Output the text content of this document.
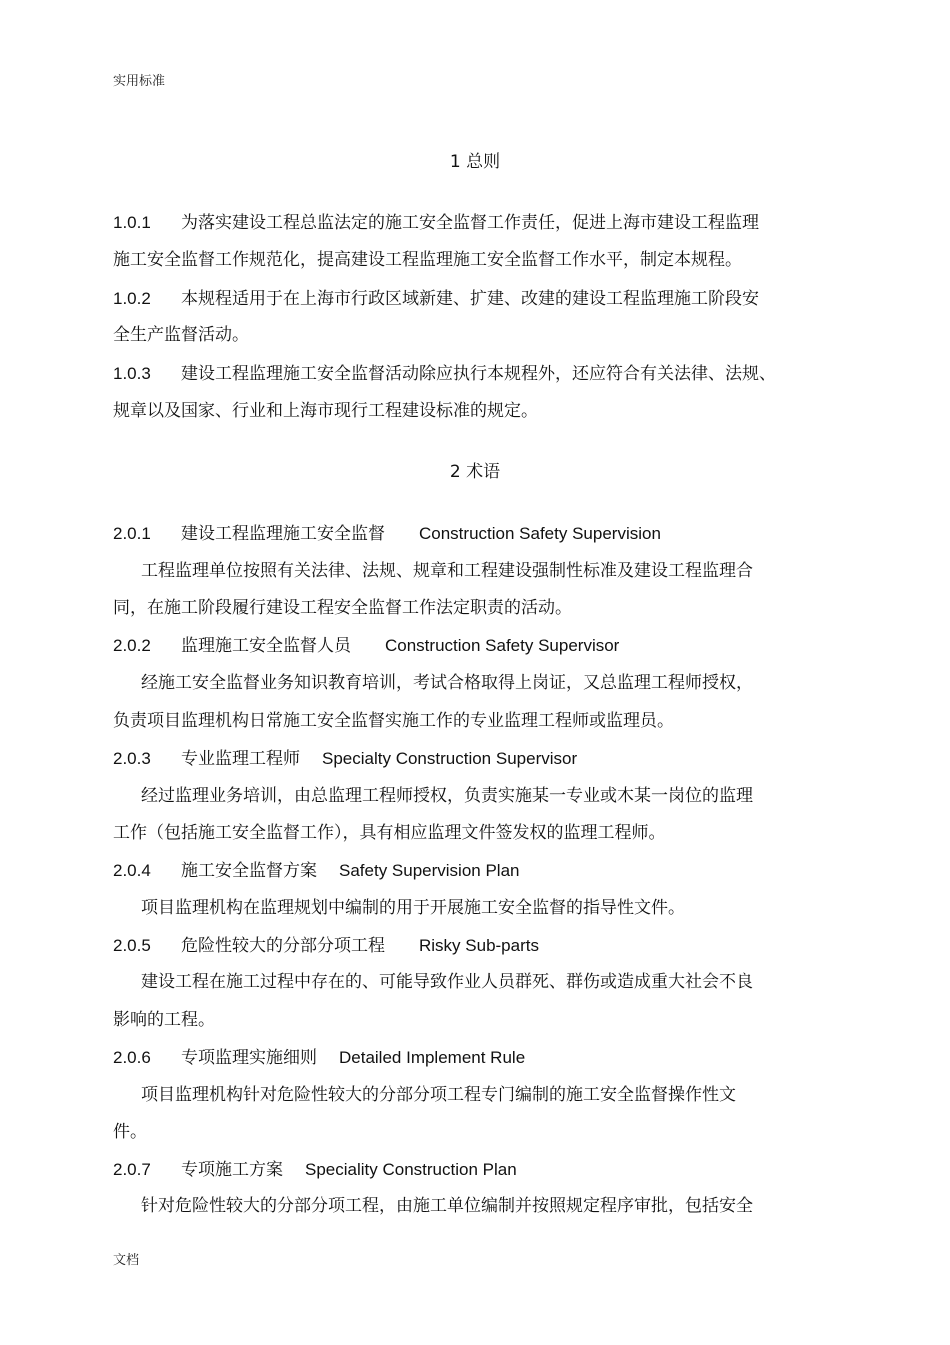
实用标准
1 总则
1.0.1 为落实建设工程总监法定的施工安全监督工作责任，促进上海市建设工程监理
施工安全监督工作规范化，提高建设工程监理施工安全监督工作水平，制定本规程。
1.0.2 本规程适用于在上海市行政区域新建、扩建、改建的建设工程监理施工阶段安
全生产监督活动。
1.0.3 建设工程监理施工安全监督活动除应执行本规程外，还应符合有关法律、法规、
规章以及国家、行业和上海市现行工程建设标准的规定。
2 术语
2.0.1 建设工程监理施工安全监督 Construction Safety Supervision
工程监理单位按照有关法律、法规、规章和工程建设强制性标准及建设工程监理合
同，在施工阶段履行建设工程安全监督工作法定职责的活动。
2.0.2 监理施工安全监督人员 Construction Safety Supervisor
经施工安全监督业务知识教育培训，考试合格取得上岗证，又总监理工程师授权，
负责项目监理机构日常施工安全监督实施工作的专业监理工程师或监理员。
2.0.3 专业监理工程师 Specialty Construction Supervisor
经过监理业务培训，由总监理工程师授权，负责实施某一专业或木某一岗位的监理
工作（包括施工安全监督工作），具有相应监理文件签发权的监理工程师。
2.0.4 施工安全监督方案 Safety Supervision Plan
项目监理机构在监理规划中编制的用于开展施工安全监督的指导性文件。
2.0.5 危险性较大的分部分项工程 Risky Sub-parts
建设工程在施工过程中存在的、可能导致作业人员群死、群伤或造成重大社会不良
影响的工程。
2.0.6 专项监理实施细则 Detailed Implement Rule
项目监理机构针对危险性较大的分部分项工程专门编制的施工安全监督操作性文
件。
2.0.7 专项施工方案 Speciality Construction Plan
针对危险性较大的分部分项工程，由施工单位编制并按照规定程序审批，包括安全
文档
